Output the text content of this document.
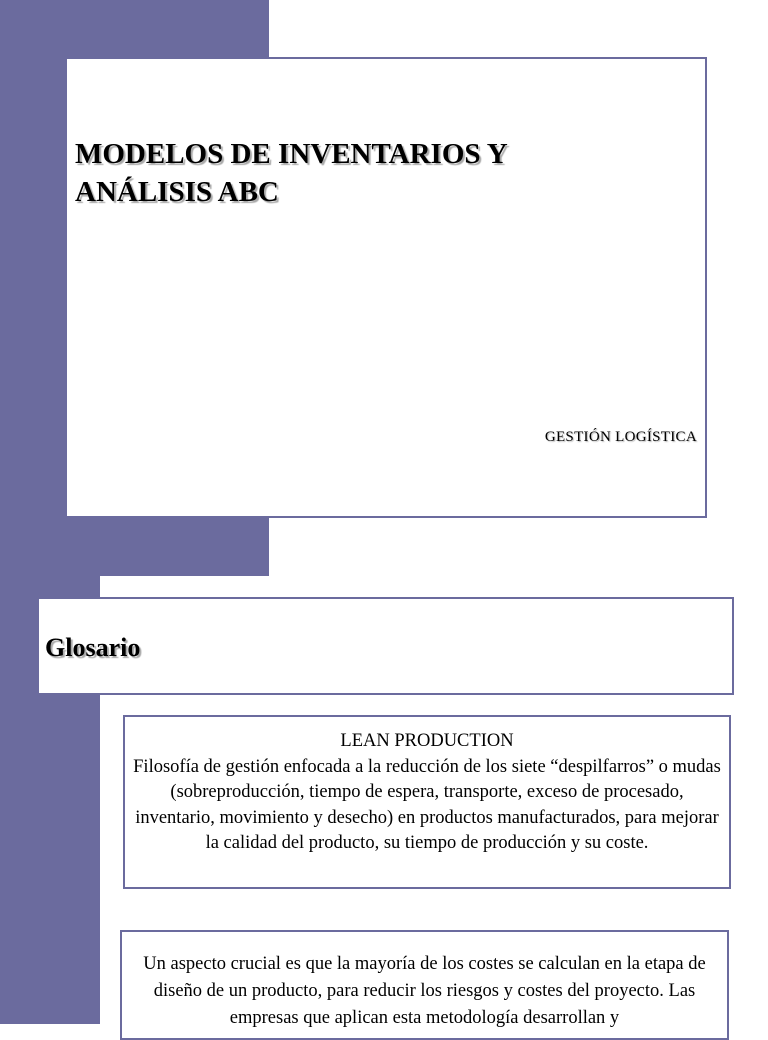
MODELOS DE INVENTARIOS Y
ANÁLISIS ABC

GESTIÓN LOGÍSTICA

Glosario

LEAN PRODUCTION

Filosofía de gestión enfocada a la reducción de los siete “despilfarros” o mudas (sobreproducción, tiempo de espera, transporte, exceso de procesado, inventario, movimiento y desecho) en productos manufacturados, para mejorar la calidad del producto, su tiempo de producción y su coste.

Un aspecto crucial es que la mayoría de los costes se calculan en la etapa de diseño de un producto, para reducir los riesgos y costes del proyecto. Las empresas que aplican esta metodología desarrollan y
